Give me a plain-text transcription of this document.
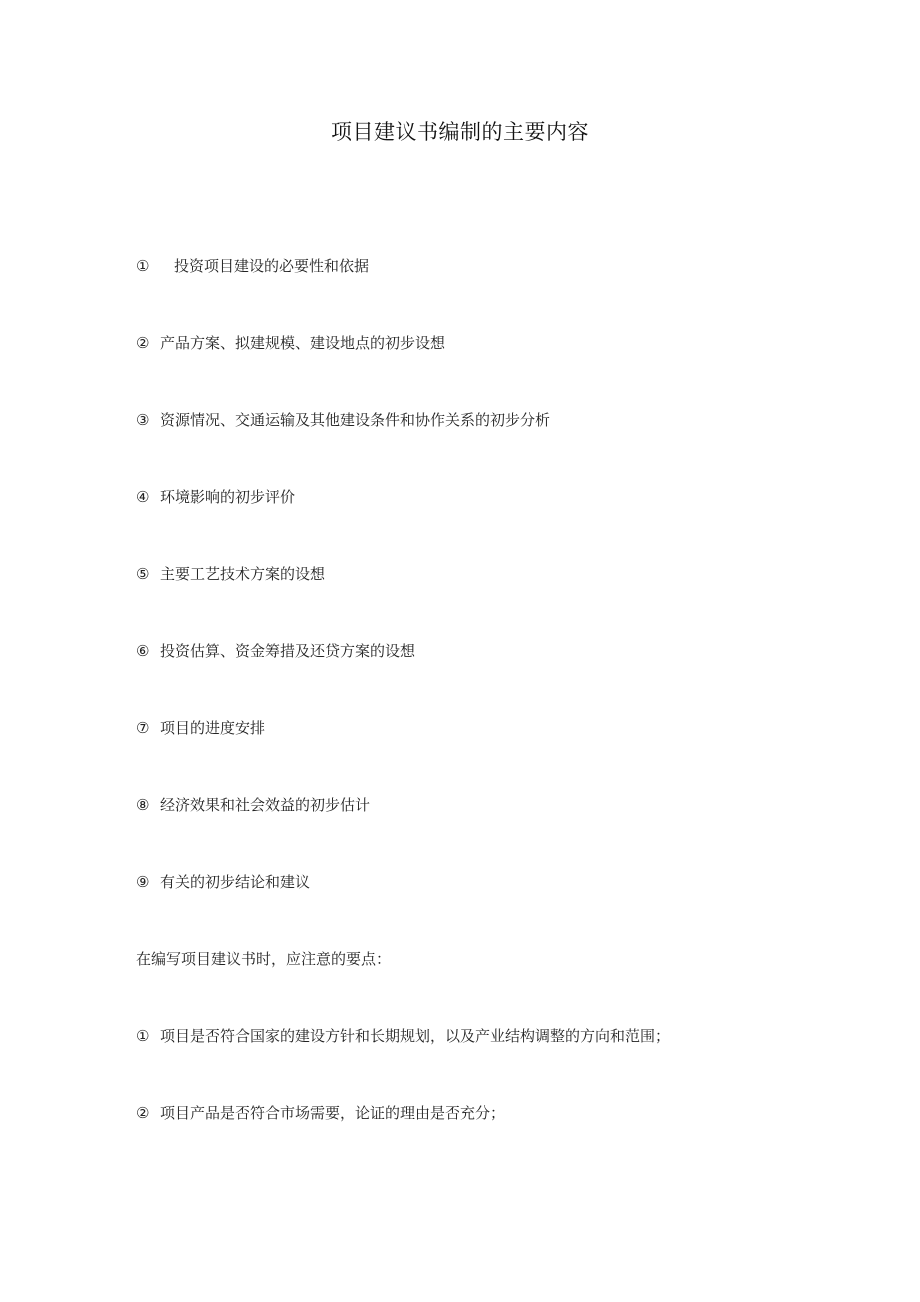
项目建议书编制的主要内容
① 投资项目建设的必要性和依据
② 产品方案、拟建规模、建设地点的初步设想
③ 资源情况、交通运输及其他建设条件和协作关系的初步分析
④ 环境影响的初步评价
⑤ 主要工艺技术方案的设想
⑥ 投资估算、资金筹措及还贷方案的设想
⑦ 项目的进度安排
⑧ 经济效果和社会效益的初步估计
⑨ 有关的初步结论和建议
在编写项目建议书时，应注意的要点：
① 项目是否符合国家的建设方针和长期规划，以及产业结构调整的方向和范围；
② 项目产品是否符合市场需要，论证的理由是否充分；
